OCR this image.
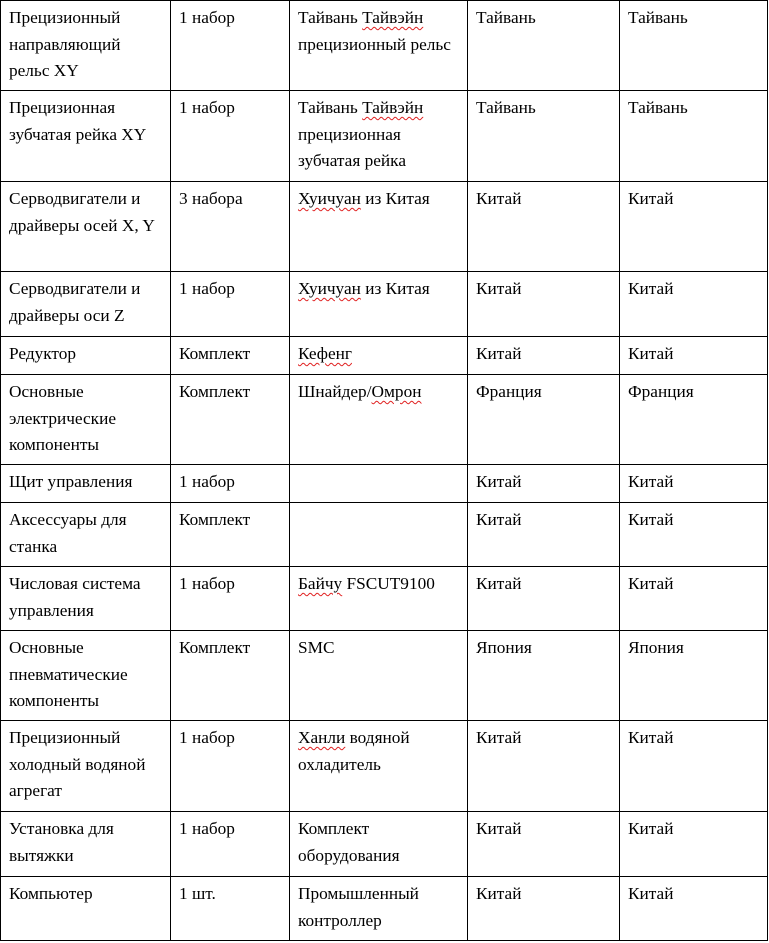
Прецизионный направляющий рельс XY	1 набор	Тайвань Тайвэйн прецизионный рельс	Тайвань	Тайвань
Прецизионная зубчатая рейка XY	1 набор	Тайвань Тайвэйн прецизионная зубчатая рейка	Тайвань	Тайвань
Серводвигатели и драйверы осей X, Y	3 набора	Хуичуан из Китая	Китай	Китай
Серводвигатели и драйверы оси Z	1 набор	Хуичуан из Китая	Китай	Китай
Редуктор	Комплект	Кефенг	Китай	Китай
Основные электрические компоненты	Комплект	Шнайдер/Омрон	Франция	Франция
Щит управления	1 набор		Китай	Китай
Аксессуары для станка	Комплект		Китай	Китай
Числовая система управления	1 набор	Байчу FSCUT9100	Китай	Китай
Основные пневматические компоненты	Комплект	SMC	Япония	Япония
Прецизионный холодный водяной агрегат	1 набор	Ханли водяной охладитель	Китай	Китай
Установка для вытяжки	1 набор	Комплект оборудования	Китай	Китай
Компьютер	1 шт.	Промышленный контроллер	Китай	Китай
